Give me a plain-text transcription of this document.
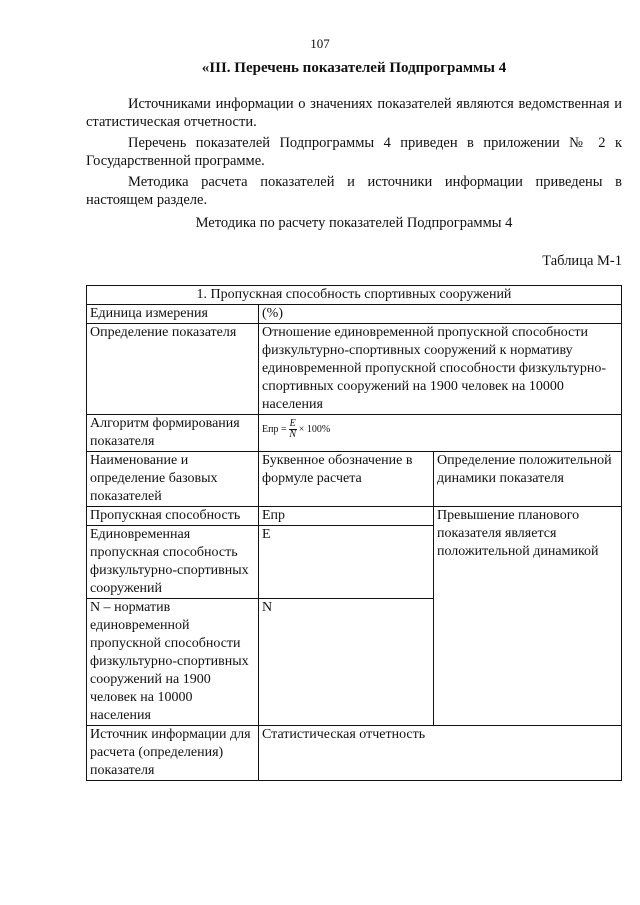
107
«III. Перечень показателей Подпрограммы 4

Источниками информации о значениях показателей являются ведомственная и статистическая отчетности.

Перечень показателей Подпрограммы 4 приведен в приложении № 2 к Государственной программе.

Методика расчета показателей и источники информации приведены в настоящем разделе.

Методика по расчету показателей Подпрограммы 4
Таблица М-1
1. Пропускная способность спортивных сооружений		
Единица измерения	(%)	
Определение показателя	Отношение единовременной пропускной способности физкультурно-спортивных сооружений к нормативу единовременной пропускной способности физкультурно-спортивных сооружений на 1900 человек на 10000 населения	
Алгоритм формирования показателя	Eпр = $\frac{E}{N} \times 100\%$	

Наименование и определение базовых показателей	Буквенное обозначение в формуле расчета	Определение положительной динамики показателя
Пропускная способность	Eпр	Превышение планового показателя является положительной динамикой
Единовременная пропускная способность физкультурно-спортивных сооружений	E	
N – норматив единовременной пропускной способности физкультурно-спортивных сооружений на 1900 человек на 10000 населения	N	
Источник информации для расчета (определения) показателя	Статистическая отчетность	
